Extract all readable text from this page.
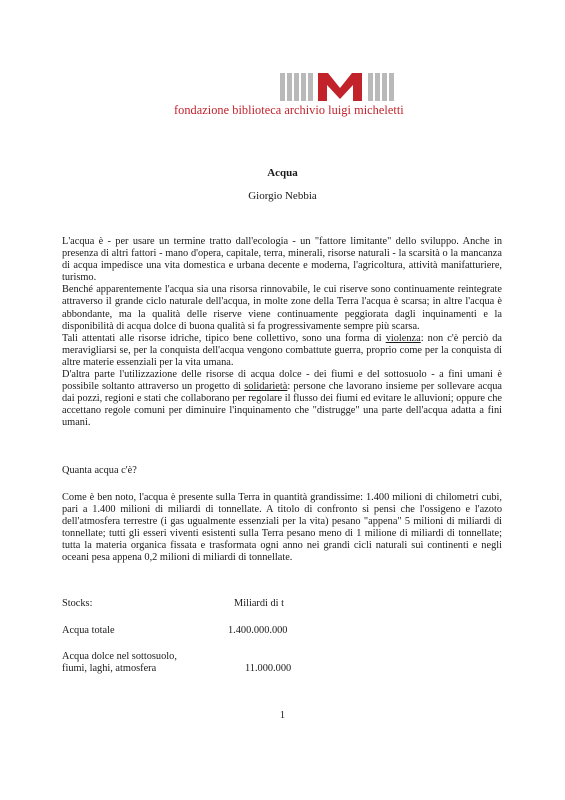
fondazione biblioteca archivio luigi micheletti
Acqua
Giorgio Nebbia

L'acqua è - per usare un termine tratto dall'ecologia - un "fattore limitante" dello sviluppo. Anche in presenza di altri fattori - mano d'opera, capitale, terra, minerali, risorse naturali - la scarsità o la mancanza di acqua impedisce una vita domestica e urbana decente e moderna, l'agricoltura, attività manifatturiere, turismo.

Benché apparentemente l'acqua sia una risorsa rinnovabile, le cui riserve sono continuamente reintegrate attraverso il grande ciclo naturale dell'acqua, in molte zone della Terra l'acqua è scarsa; in altre l'acqua è abbondante, ma la qualità delle riserve viene continuamente peggiorata dagli inquinamenti e la disponibilità di acqua dolce di buona qualità si fa progressivamente sempre più scarsa.

Tali attentati alle risorse idriche, tipico bene collettivo, sono una forma di violenza: non c'è perciò da meravigliarsi se, per la conquista dell'acqua vengono combattute guerra, proprio come per la conquista di altre materie essenziali per la vita umana.

D'altra parte l'utilizzazione delle risorse di acqua dolce - dei fiumi e del sottosuolo - a fini umani è possibile soltanto attraverso un progetto di solidarietà: persone che lavorano insieme per sollevare acqua dai pozzi, regioni e stati che collaborano per regolare il flusso dei fiumi ed evitare le alluvioni; oppure che accettano regole comuni per diminuire l'inquinamento che "distrugge" una parte dell'acqua adatta a fini umani.

Quanta acqua c'è?

Come è ben noto, l'acqua è presente sulla Terra in quantità grandissime: 1.400 milioni di chilometri cubi, pari a 1.400 milioni di miliardi di tonnellate. A titolo di confronto si pensi che l'ossigeno e l'azoto dell'atmosfera terrestre (i gas ugualmente essenziali per la vita) pesano "appena" 5 milioni di miliardi di tonnellate; tutti gli esseri viventi esistenti sulla Terra pesano meno di 1 milione di miliardi di tonnellate; tutta la materia organica fissata e trasformata ogni anno nei grandi cicli naturali sui continenti e negli oceani pesa appena 0,2 milioni di miliardi di tonnellate.

Stocks:	Miliardi di t
Acqua totale	1.400.000.000
Acqua dolce nel sottosuolo,
fiumi, laghi, atmosfera	11.000.000
1
